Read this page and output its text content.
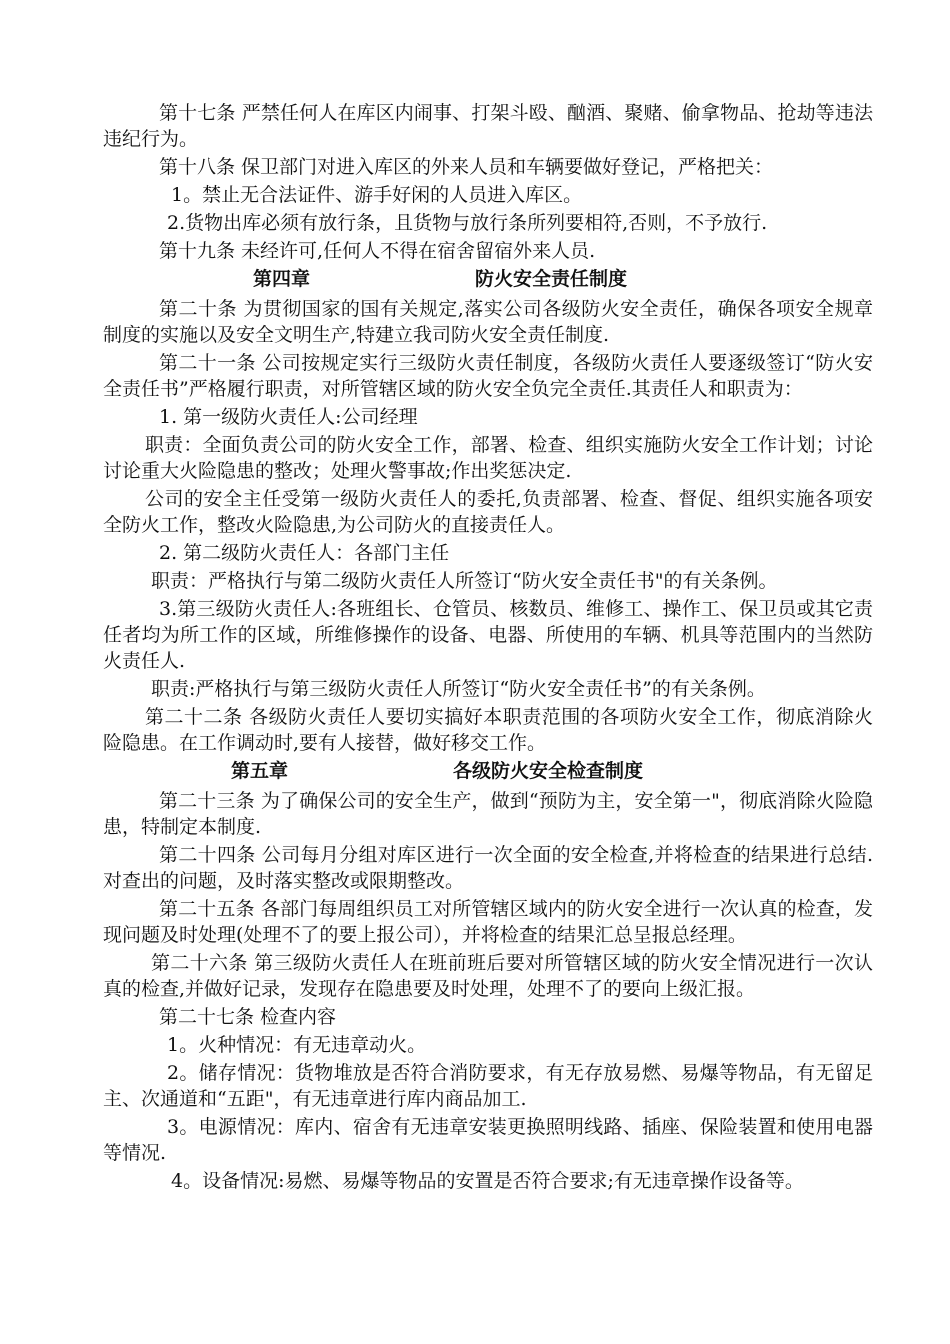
第十七条 严禁任何人在库区内闹事、打架斗殴、酗酒、聚赌、偷拿物品、抢劫等违法违纪行为。

第十八条 保卫部门对进入库区的外来人员和车辆要做好登记，严格把关：

1。禁止无合法证件、游手好闲的人员进入库区。

2.货物出库必须有放行条，且货物与放行条所列要相符,否则，不予放行.

第十九条 未经许可,任何人不得在宿舍留宿外来人员.

第四章	防火安全责任制度

第二十条 为贯彻国家的国有关规定,落实公司各级防火安全责任，确保各项安全规章制度的实施以及安全文明生产,特建立我司防火安全责任制度.

第二十一条 公司按规定实行三级防火责任制度，各级防火责任人要逐级签订“防火安全责任书”严格履行职责，对所管辖区域的防火安全负完全责任.其责任人和职责为：

1. 第一级防火责任人:公司经理

职责：全面负责公司的防火安全工作，部署、检查、组织实施防火安全工作计划；讨论讨论重大火险隐患的整改；处理火警事故;作出奖惩决定.

公司的安全主任受第一级防火责任人的委托,负责部署、检查、督促、组织实施各项安全防火工作，整改火险隐患,为公司防火的直接责任人。

2. 第二级防火责任人：各部门主任

职责：严格执行与第二级防火责任人所签订“防火安全责任书"的有关条例。

3.第三级防火责任人:各班组长、仓管员、核数员、维修工、操作工、保卫员或其它责任者均为所工作的区域，所维修操作的设备、电器、所使用的车辆、机具等范围内的当然防火责任人.

职责:严格执行与第三级防火责任人所签订“防火安全责任书”的有关条例。

第二十二条 各级防火责任人要切实搞好本职责范围的各项防火安全工作，彻底消除火险隐患。在工作调动时,要有人接替，做好移交工作。

第五章	各级防火安全检查制度

第二十三条 为了确保公司的安全生产，做到“预防为主，安全第一"，彻底消除火险隐患，特制定本制度.

第二十四条 公司每月分组对库区进行一次全面的安全检查,并将检查的结果进行总结.对查出的问题，及时落实整改或限期整改。

第二十五条 各部门每周组织员工对所管辖区域内的防火安全进行一次认真的检查，发现问题及时处理(处理不了的要上报公司），并将检查的结果汇总呈报总经理。

第二十六条 第三级防火责任人在班前班后要对所管辖区域的防火安全情况进行一次认真的检查,并做好记录，发现存在隐患要及时处理，处理不了的要向上级汇报。

第二十七条 检查内容

1。火种情况：有无违章动火。

2。储存情况：货物堆放是否符合消防要求，有无存放易燃、易爆等物品，有无留足主、次通道和“五距"，有无违章进行库内商品加工.

3。电源情况：库内、宿舍有无违章安装更换照明线路、插座、保险装置和使用电器等情况.

4。设备情况:易燃、易爆等物品的安置是否符合要求;有无违章操作设备等。
